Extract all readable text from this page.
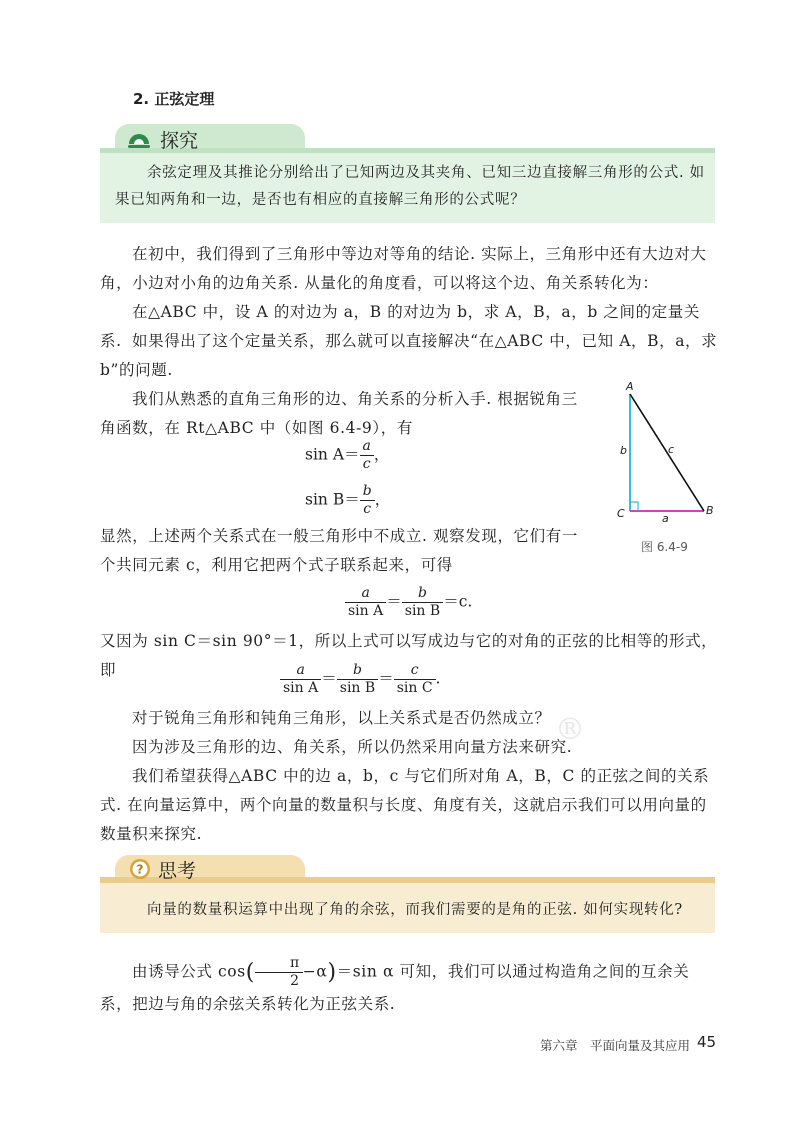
2. 正弦定理
探究
余弦定理及其推论分别给出了已知两边及其夹角、已知三边直接解三角形的公式. 如果已知两角和一边，是否也有相应的直接解三角形的公式呢？
在初中，我们得到了三角形中等边对等角的结论. 实际上，三角形中还有大边对大角，小边对小角的边角关系. 从量化的角度看，可以将这个边、角关系转化为：
在△ABC 中，设 A 的对边为 a，B 的对边为 b，求 A，B，a，b 之间的定量关系. 如果得出了这个定量关系，那么就可以直接解决“在△ABC 中，已知 A，B，a，求 b”的问题.
我们从熟悉的直角三角形的边、角关系的分析入手. 根据锐角三角函数，在 Rt△ABC 中（如图 6.4-9），有
$\sin A= \frac{a}{c}$ ，
$\sin B= \frac{b}{c}$ ，
显然，上述两个关系式在一般三角形中不成立. 观察发现，它们有一个共同元素 c，利用它把两个式子联系起来，可得
$\frac{a}{\text{sin A}} = \frac{b}{\text{sin B}} =c$.
又因为 sin C＝sin 90°＝1，所以上式可以写成边与它的对角的正弦的比相等的形式，即	$\frac{a}{\text{sin A}} = \frac{b}{\text{sin B}} = \frac{c}{\text{sin C}}$ .
对于锐角三角形和钝角三角形，以上关系式是否仍然成立？
因为涉及三角形的边、角关系，所以仍然采用向量方法来研究.
我们希望获得△ABC 中的边 a，b，c 与它们所对角 A，B，C 的正弦之间的关系式. 在向量运算中，两个向量的数量积与长度、角度有关，这就启示我们可以用向量的数量积来探究.
®
? 思考
向量的数量积运算中出现了角的余弦，而我们需要的是角的正弦. 如何实现转化?
由诱导公式 $\cos( \frac{\pi}{2} -\alpha)=\sin$ α 可知，我们可以通过构造角之间的互余关系，把边与角的余弦关系转化为正弦关系.
A
B
C
b	c
a
图 6.4-9
第六章　平面向量及其应用 45
